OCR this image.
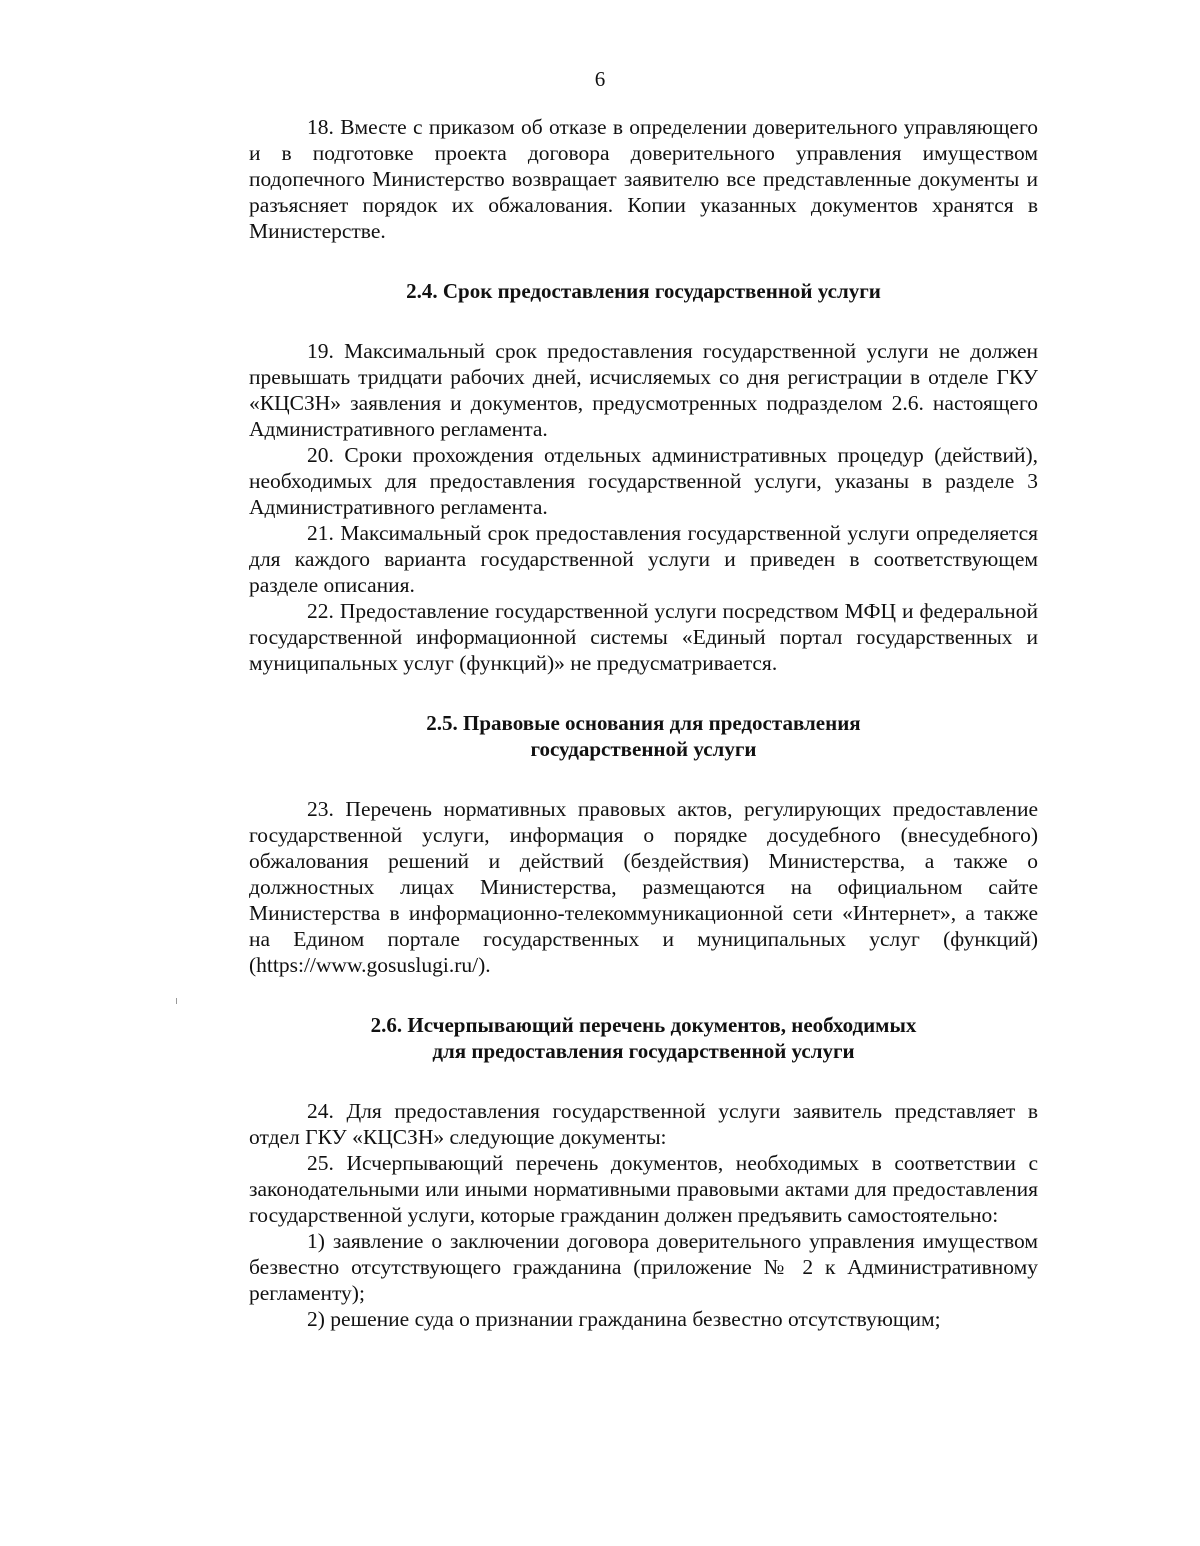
6

18. Вместе с приказом об отказе в определении доверительного управляющего и в подготовке проекта договора доверительного управления имуществом подопечного Министерство возвращает заявителю все представленные документы и разъясняет порядок их обжалования. Копии указанных документов хранятся в Министерстве.

2.4. Срок предоставления государственной услуги

19. Максимальный срок предоставления государственной услуги не должен превышать тридцати рабочих дней, исчисляемых со дня регистрации в отделе ГКУ «КЦСЗН» заявления и документов, предусмотренных подразделом 2.6. настоящего Административного регламента.

20. Сроки прохождения отдельных административных процедур (действий), необходимых для предоставления государственной услуги, указаны в разделе 3 Административного регламента.

21. Максимальный срок предоставления государственной услуги определяется для каждого варианта государственной услуги и приведен в соответствующем разделе описания.

22. Предоставление государственной услуги посредством МФЦ и федеральной государственной информационной системы «Единый портал государственных и муниципальных услуг (функций)» не предусматривается.

2.5. Правовые основания для предоставления
государственной услуги

23. Перечень нормативных правовых актов, регулирующих предоставление государственной услуги, информация о порядке досудебного (внесудебного) обжалования решений и действий (бездействия) Министерства, а также о должностных лицах Министерства, размещаются на официальном сайте Министерства в информационно-телекоммуникационной сети «Интернет», а также на Едином портале государственных и муниципальных услуг (функций) (https://www.gosuslugi.ru/).

2.6. Исчерпывающий перечень документов, необходимых
для предоставления государственной услуги

24. Для предоставления государственной услуги заявитель представляет в отдел ГКУ «КЦСЗН» следующие документы:

25. Исчерпывающий перечень документов, необходимых в соответствии с законодательными или иными нормативными правовыми актами для предоставления государственной услуги, которые гражданин должен предъявить самостоятельно:

1) заявление о заключении договора доверительного управления имуществом безвестно отсутствующего гражданина (приложение № 2 к Административному регламенту);

2) решение суда о признании гражданина безвестно отсутствующим;
